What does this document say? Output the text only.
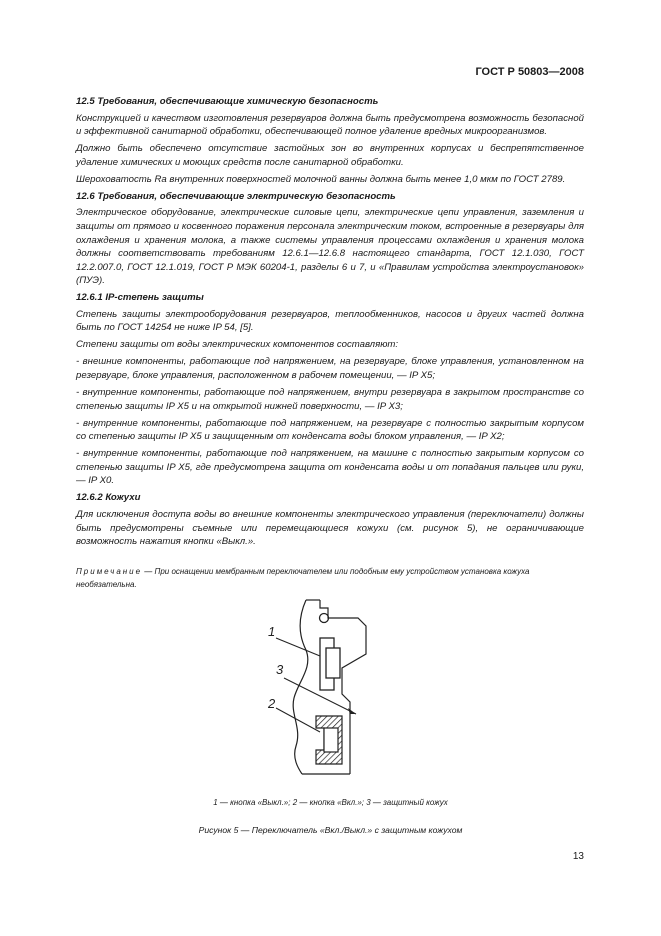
ГОСТ Р 50803—2008

12.5 Требования, обеспечивающие химическую безопасность

Конструкцией и качеством изготовления резервуаров должна быть предусмотрена возможность безопасной и эффективной санитарной обработки, обеспечивающей полное удаление вредных микроорганизмов.

Должно быть обеспечено отсутствие застойных зон во внутренних корпусах и беспрепятственное удаление химических и моющих средств после санитарной обработки.

Шероховатость Ra внутренних поверхностей молочной ванны должна быть менее 1,0 мкм по ГОСТ 2789.

12.6 Требования, обеспечивающие электрическую безопасность

Электрическое оборудование, электрические силовые цепи, электрические цепи управления, заземления и защиты от прямого и косвенного поражения персонала электрическим током, встроенные в резервуары для охлаждения и хранения молока, а также системы управления процессами охлаждения и хранения молока должны соответствовать требованиям 12.6.1—12.6.8 настоящего стандарта, ГОСТ 12.1.030, ГОСТ 12.2.007.0, ГОСТ 12.1.019, ГОСТ Р МЭК 60204-1, разделы 6 и 7, и «Правилам устройства электроустановок» (ПУЭ).

12.6.1 IP-степень защиты

Степень защиты электрооборудования резервуаров, теплообменников, насосов и других частей должна быть по ГОСТ 14254 не ниже IP 54, [5].

Степени защиты от воды электрических компонентов составляют:

- внешние компоненты, работающие под напряжением, на резервуаре, блоке управления, установленном на резервуаре, блоке управления, расположенном в рабочем помещении, — IP X5;

- внутренние компоненты, работающие под напряжением, внутри резервуара в закрытом пространстве со степенью защиты IP X5 и на открытой нижней поверхности, — IP X3;

- внутренние компоненты, работающие под напряжением, на резервуаре с полностью закрытым корпусом со степенью защиты IP X5 и защищенным от конденсата воды блоком управления, — IP X2;

- внутренние компоненты, работающие под напряжением, на машине с полностью закрытым корпусом со степенью защиты IP X5, где предусмотрена защита от конденсата воды и от попадания пальцев или руки, — IP X0.

12.6.2 Кожухи

Для исключения доступа воды во внешние компоненты электрического управления (переключатели) должны быть предусмотрены съемные или перемещающиеся кожухи (см. рисунок 5), не ограничивающие возможность нажатия кнопки «Выкл.».

Примечание — При оснащении мембранным переключателем или подобным ему устройством установка кожуха необязательна.
1
3
2
1 — кнопка «Выкл.»; 2 — кнопка «Вкл.»; 3 — защитный кожух
Рисунок 5 — Переключатель «Вкл./Выкл.» с защитным кожухом
13
